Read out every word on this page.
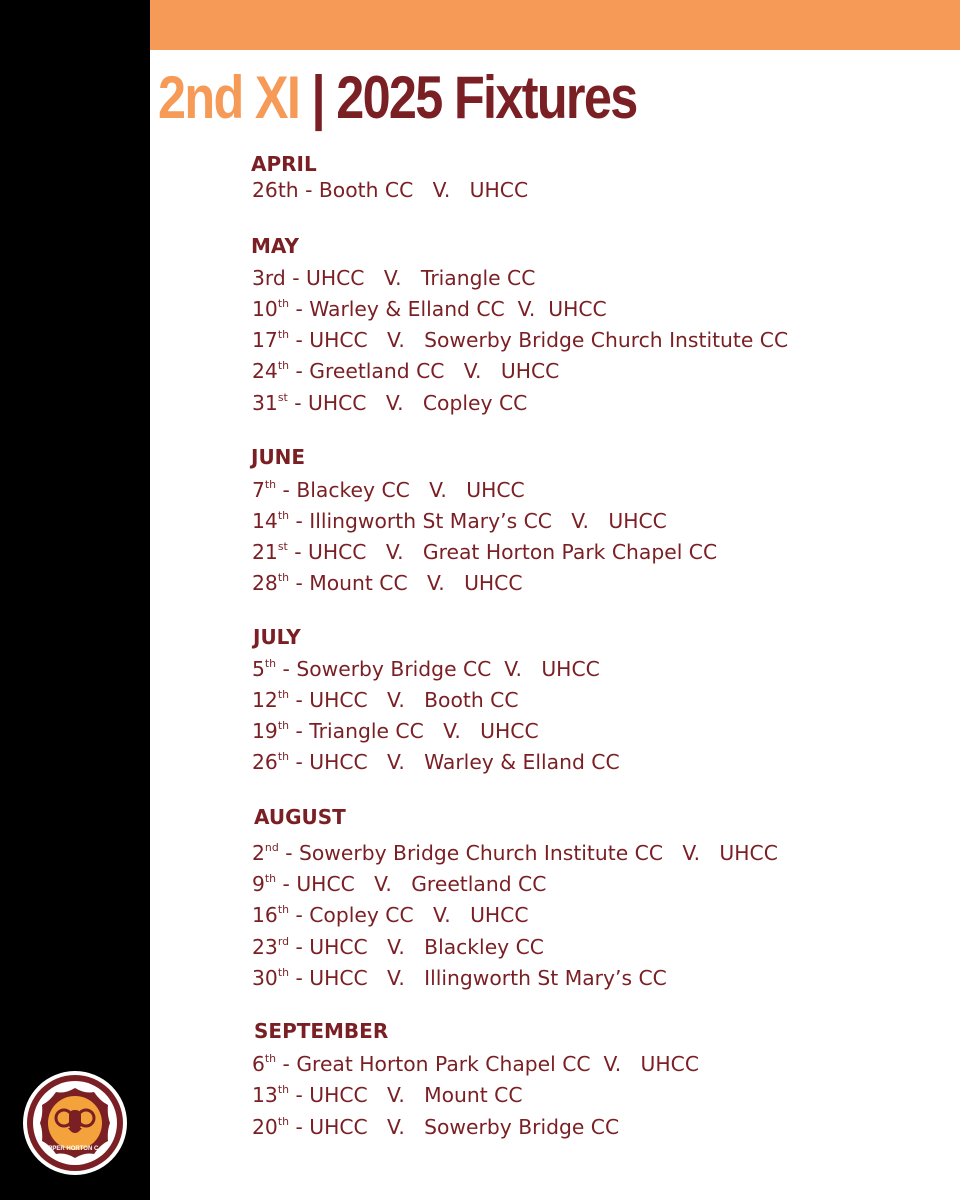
2nd XI | 2025 Fixtures
APRIL
26th - Booth CC   V.   UHCC
MAY
3rd - UHCC   V.   Triangle CC
10th - Warley & Elland CC  V.  UHCC
17th - UHCC   V.   Sowerby Bridge Church Institute CC
24th - Greetland CC   V.   UHCC
31st - UHCC   V.   Copley CC
JUNE
7th - Blackey CC   V.   UHCC
14th - Illingworth St Mary’s CC   V.   UHCC
21st - UHCC   V.   Great Horton Park Chapel CC
28th - Mount CC   V.   UHCC
JULY
5th - Sowerby Bridge CC  V.   UHCC
12th - UHCC   V.   Booth CC
19th - Triangle CC   V.   UHCC
26th - UHCC   V.   Warley & Elland CC
AUGUST
2nd - Sowerby Bridge Church Institute CC   V.   UHCC
9th - UHCC   V.   Greetland CC
16th - Copley CC   V.   UHCC
23rd - UHCC   V.   Blackley CC
30th - UHCC   V.   Illingworth St Mary’s CC
SEPTEMBER
6th - Great Horton Park Chapel CC  V.   UHCC
13th - UHCC   V.   Mount CC
20th - UHCC   V.   Sowerby Bridge CC
UPPER HORTON C.C.
